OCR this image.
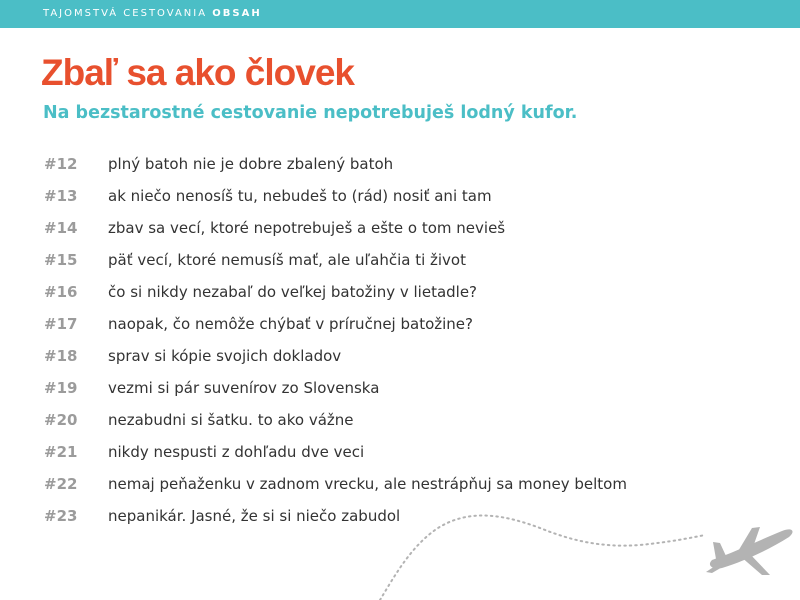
TAJOMSTVÁ CESTOVANIA OBSAH
Zbaľ sa ako človek

Na bezstarostné cestovanie nepotrebuješ lodný kufor.

#12 plný batoh nie je dobre zbalený batoh
#13 ak niečo nenosíš tu, nebudeš to (rád) nosiť ani tam
#14 zbav sa vecí, ktoré nepotrebuješ a ešte o tom nevieš
#15 päť vecí, ktoré nemusíš mať, ale uľahčia ti život
#16 čo si nikdy nezabaľ do veľkej batožiny v lietadle?
#17 naopak, čo nemôže chýbať v príručnej batožine?
#18 sprav si kópie svojich dokladov
#19 vezmi si pár suvenírov zo Slovenska
#20 nezabudni si šatku. to ako vážne
#21 nikdy nespusti z dohľadu dve veci
#22 nemaj peňaženku v zadnom vrecku, ale nestrápňuj sa money beltom
#23 nepanikár. Jasné, že si si niečo zabudol
